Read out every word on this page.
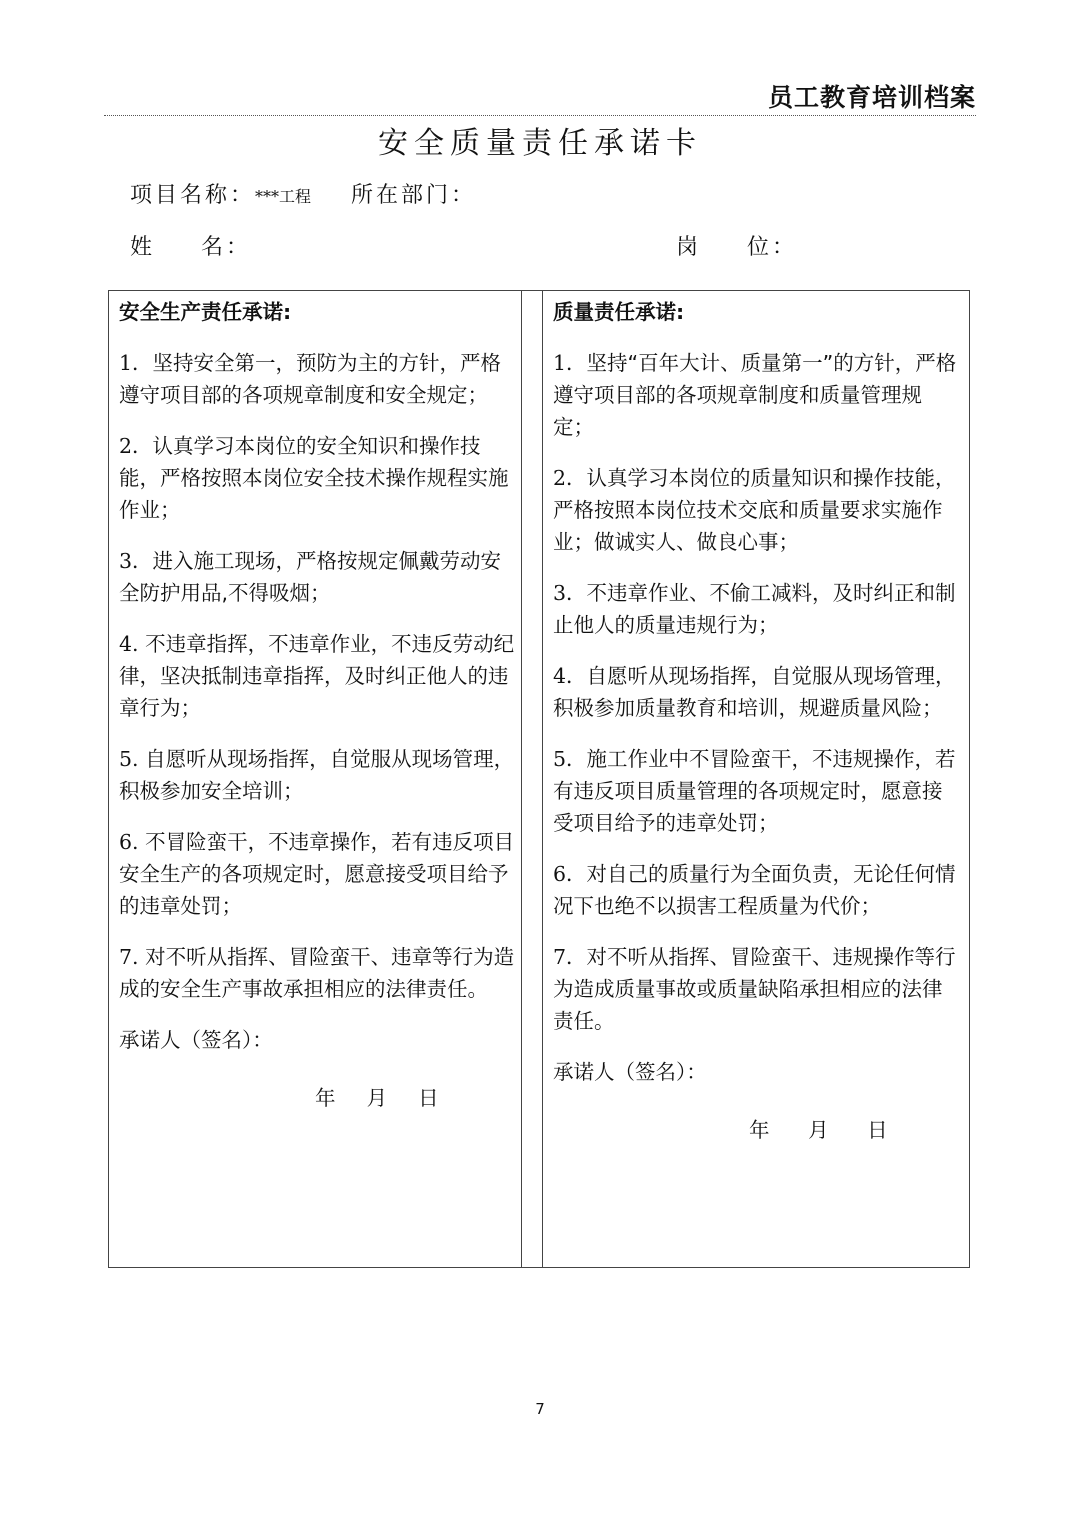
员工教育培训档案
安全质量责任承诺卡
项目名称：***工程 所在部门：
姓 名：	岗 位：
安全生产责任承诺:
1．坚持安全第一，预防为主的方针，严格遵守项目部的各项规章制度和安全规定；
2．认真学习本岗位的安全知识和操作技能，严格按照本岗位安全技术操作规程实施作业；
3．进入施工现场，严格按规定佩戴劳动安全防护用品,不得吸烟；
4. 不违章指挥，不违章作业，不违反劳动纪律，坚决抵制违章指挥，及时纠正他人的违章行为；
5. 自愿听从现场指挥，自觉服从现场管理，积极参加安全培训；
6. 不冒险蛮干，不违章操作，若有违反项目安全生产的各项规定时，愿意接受项目给予的违章处罚；
7. 对不听从指挥、冒险蛮干、违章等行为造成的安全生产事故承担相应的法律责任。
承诺人（签名）：
年    月    日
质量责任承诺:
1．坚持“百年大计、质量第一”的方针，严格遵守项目部的各项规章制度和质量管理规定；
2．认真学习本岗位的质量知识和操作技能，严格按照本岗位技术交底和质量要求实施作业；做诚实人、做良心事；
3．不违章作业、不偷工减料，及时纠正和制止他人的质量违规行为；
4．自愿听从现场指挥，自觉服从现场管理，积极参加质量教育和培训，规避质量风险；
5．施工作业中不冒险蛮干，不违规操作，若有违反项目质量管理的各项规定时，愿意接受项目给予的违章处罚；
6．对自己的质量行为全面负责，无论任何情况下也绝不以损害工程质量为代价；
7．对不听从指挥、冒险蛮干、违规操作等行为造成质量事故或质量缺陷承担相应的法律责任。
承诺人（签名）：
年     月     日
7
